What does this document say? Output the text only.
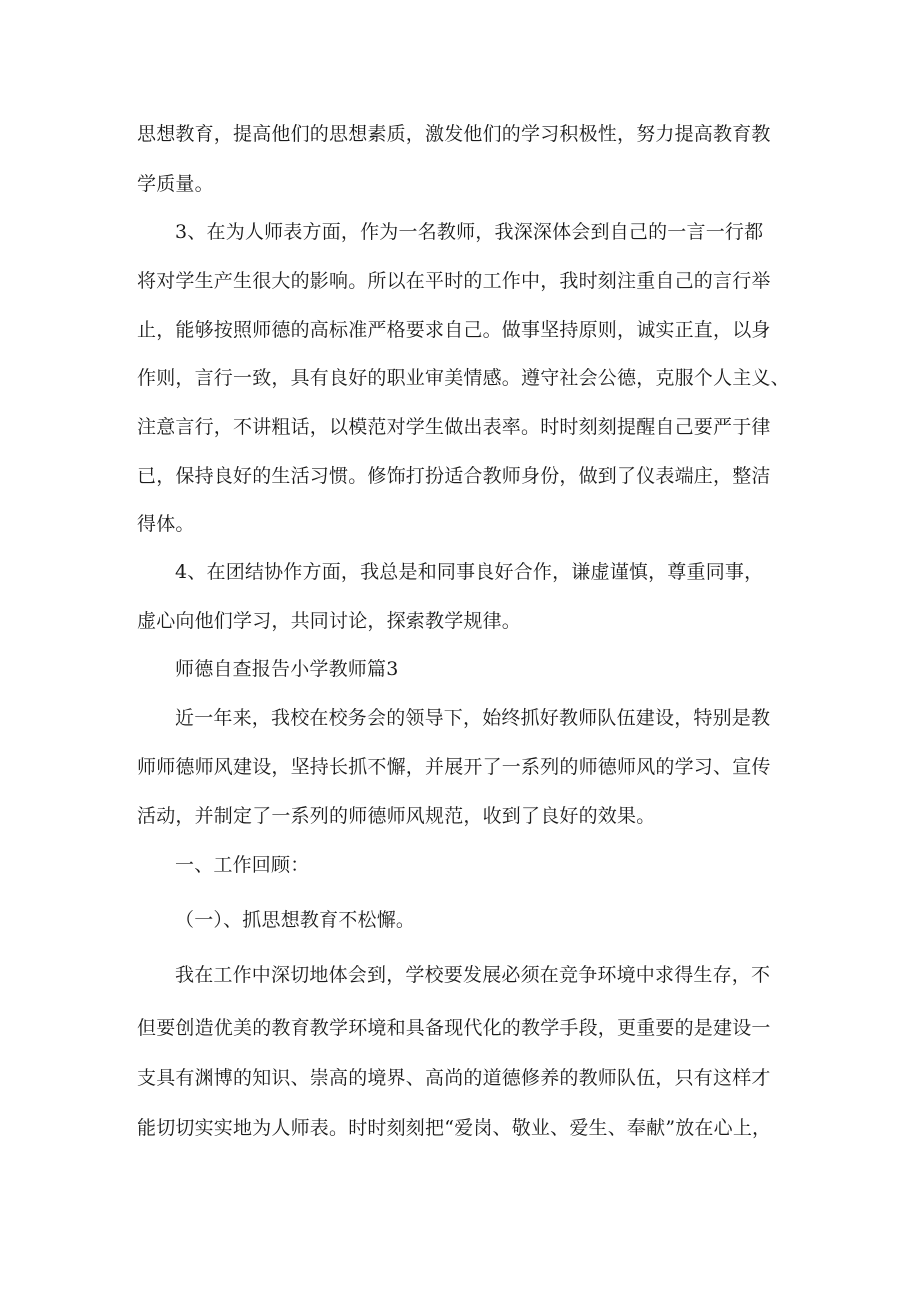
思想教育，提高他们的思想素质，激发他们的学习积极性，努力提高教育教
学质量。
3、在为人师表方面，作为一名教师，我深深体会到自己的一言一行都
将对学生产生很大的影响。所以在平时的工作中，我时刻注重自己的言行举
止，能够按照师德的高标准严格要求自己。做事坚持原则，诚实正直，以身
作则，言行一致，具有良好的职业审美情感。遵守社会公德，克服个人主义、
注意言行，不讲粗话，以模范对学生做出表率。时时刻刻提醒自己要严于律
已，保持良好的生活习惯。修饰打扮适合教师身份，做到了仪表端庄，整洁
得体。
4、在团结协作方面，我总是和同事良好合作，谦虚谨慎，尊重同事，
虚心向他们学习，共同讨论，探索教学规律。
师德自查报告小学教师篇3
近一年来，我校在校务会的领导下，始终抓好教师队伍建设，特别是教
师师德师风建设，坚持长抓不懈，并展开了一系列的师德师风的学习、宣传
活动，并制定了一系列的师德师风规范，收到了良好的效果。
一、工作回顾：
（一）、抓思想教育不松懈。
我在工作中深切地体会到，学校要发展必须在竞争环境中求得生存，不
但要创造优美的教育教学环境和具备现代化的教学手段，更重要的是建设一
支具有渊博的知识、崇高的境界、高尚的道德修养的教师队伍，只有这样才
能切切实实地为人师表。时时刻刻把“爱岗、敬业、爱生、奉献”放在心上，
